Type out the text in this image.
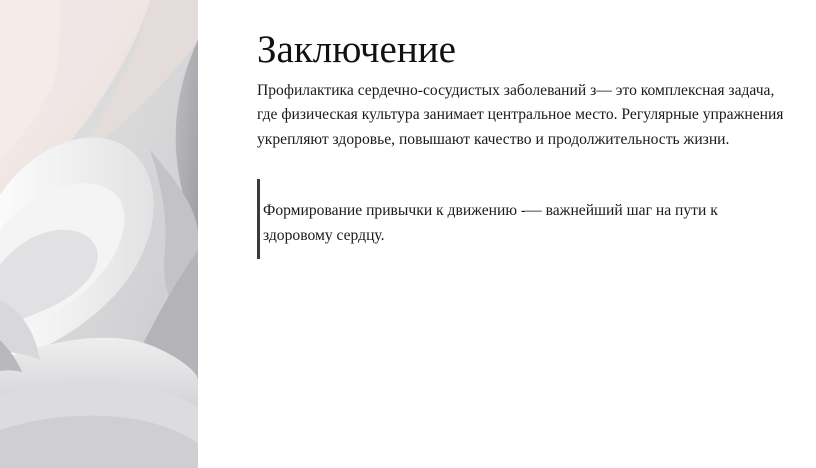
Заключение

Профилактика сердечно-сосудистых заболеваний з— это комплексная задача, где физическая культура занимает центральное место. Регулярные упражнения укрепляют здоровье, повышают качество и продолжительность жизни.

Формирование привычки к движению -— важнейший шаг на пути к здоровому сердцу.
